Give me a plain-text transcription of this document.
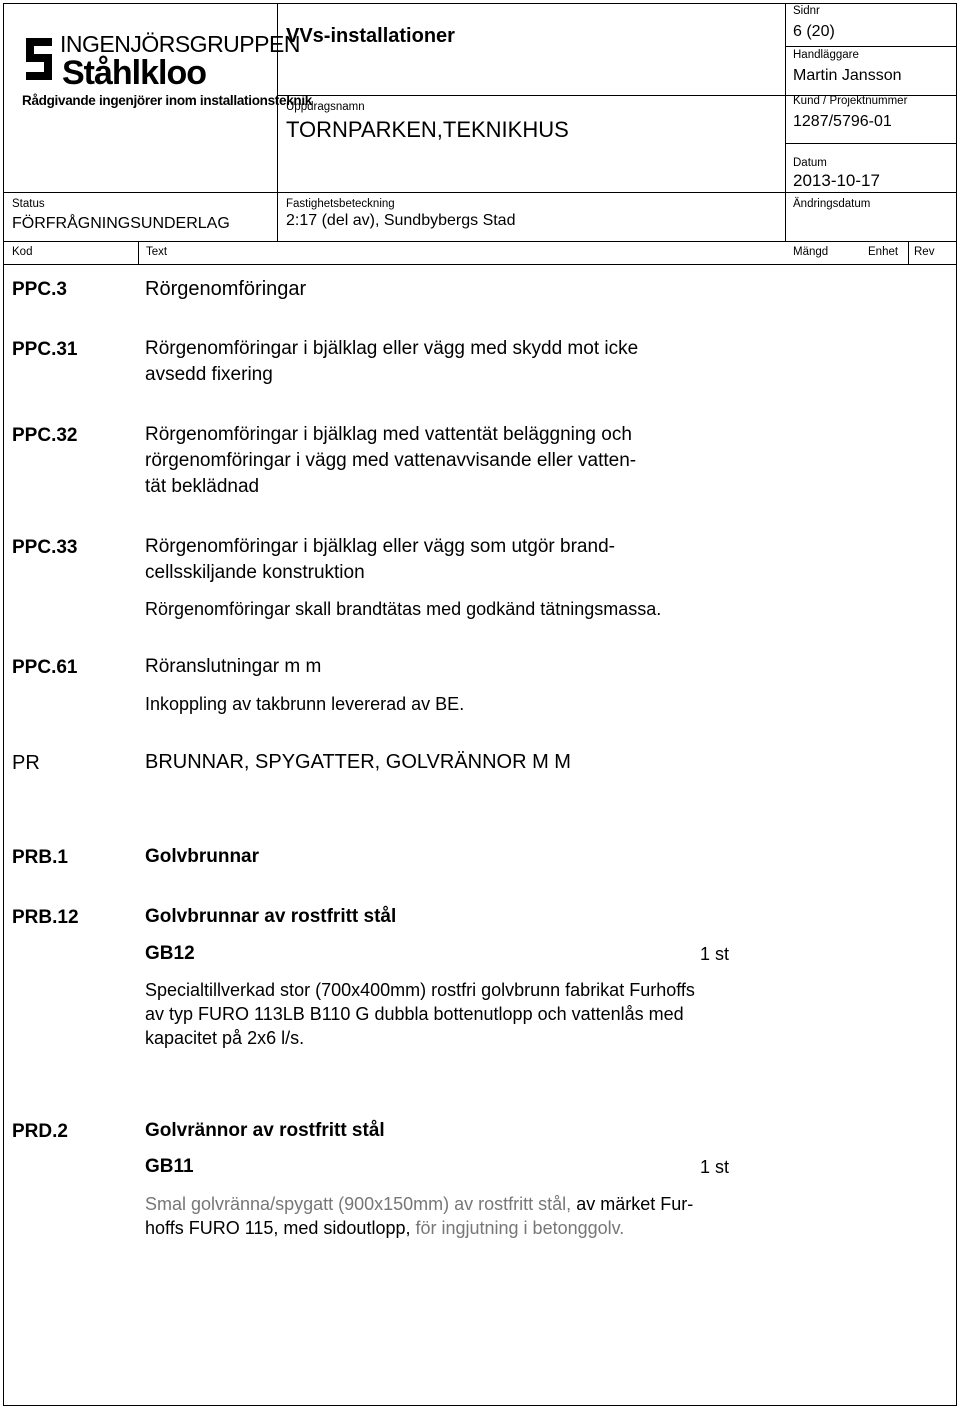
INGENJÖRSGRUPPEN
Ståhlkloo
Rådgivande ingenjörer inom installationsteknik
VVs-installationer
Sidnr
6 (20)
Handläggare
Martin Jansson
Uppdragsnamn
TORNPARKEN,TEKNIKHUS
Kund / Projektnummer
1287/5796-01
Datum
2013-10-17
Status
FÖRFRÅGNINGSUNDERLAG
Fastighetsbeteckning
2:17 (del av), Sundbybergs Stad
Ändringsdatum
Kod	Text	Mängd	Enhet Rev
PPC.3	Rörgenomföringar
PPC.31	Rörgenomföringar i bjälklag eller vägg med skydd mot icke
avsedd fixering
PPC.32	Rörgenomföringar i bjälklag med vattentät beläggning och
rörgenomföringar i vägg med vattenavvisande eller vatten-
tät beklädnad
PPC.33	Rörgenomföringar i bjälklag eller vägg som utgör brand-
cellsskiljande konstruktion
Rörgenomföringar skall brandtätas med godkänd tätningsmassa.
PPC.61	Röranslutningar m m
Inkoppling av takbrunn levererad av BE.
PR	BRUNNAR, SPYGATTER, GOLVRÄNNOR M M
PRB.1	Golvbrunnar
PRB.12	Golvbrunnar av rostfritt stål
GB12	1 st
Specialtillverkad stor (700x400mm) rostfri golvbrunn fabrikat Furhoffs
av typ FURO 113LB B110 G dubbla bottenutlopp och vattenlås med
kapacitet på 2x6 l/s.
PRD.2	Golvrännor av rostfritt stål
GB11	1 st
Smal golvränna/spygatt (900x150mm) av rostfritt stål, av märket Fur-
hoffs FURO 115, med sidoutlopp, för ingjutning i betonggolv.
